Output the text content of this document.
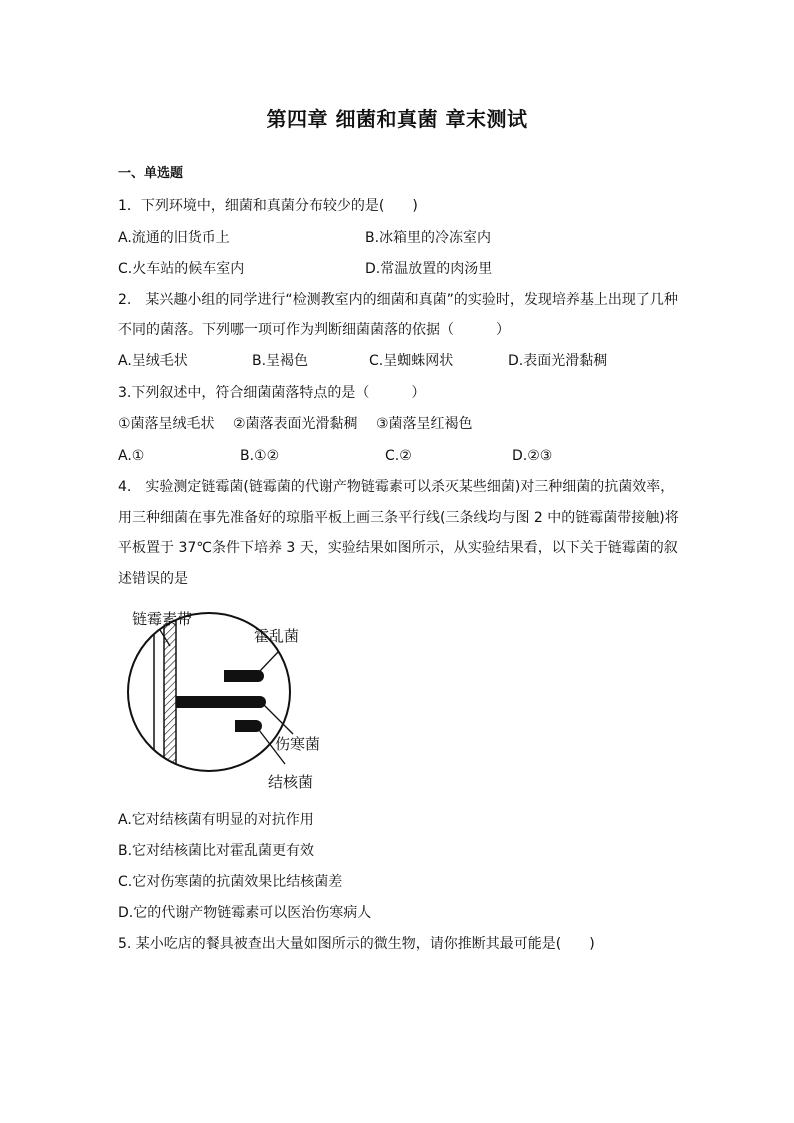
第四章 细菌和真菌 章末测试
一、单选题
1．下列环境中，细菌和真菌分布较少的是(　　)
A.流通的旧货币上	B.冰箱里的冷冻室内
C.火车站的候车室内	D.常温放置的肉汤里
2.　某兴趣小组的同学进行“检测教室内的细菌和真菌”的实验时，发现培养基上出现了几种
不同的菌落。下列哪一项可作为判断细菌菌落的依据（　　　）
A.呈绒毛状	B.呈褐色	C.呈蜘蛛网状	D.表面光滑黏稠
3.下列叙述中，符合细菌菌落特点的是（　　　）
①菌落呈绒毛状　 ②菌落表面光滑黏稠　 ③菌落呈红褐色
A.①	B.①②	C.②	D.②③
4.　实验测定链霉菌(链霉菌的代谢产物链霉素可以杀灭某些细菌)对三种细菌的抗菌效率，
用三种细菌在事先准备好的琼脂平板上画三条平行线(三条线均与图 2 中的链霉菌带接触)将
平板置于 37℃条件下培养 3 天，实验结果如图所示，从实验结果看，以下关于链霉菌的叙
述错误的是
链霉素带
霍乱菌
伤寒菌
结核菌
A.它对结核菌有明显的对抗作用
B.它对结核菌比对霍乱菌更有效
C.它对伤寒菌的抗菌效果比结核菌差
D.它的代谢产物链霉素可以医治伤寒病人
5. 某小吃店的餐具被查出大量如图所示的微生物，请你推断其最可能是(　　)
